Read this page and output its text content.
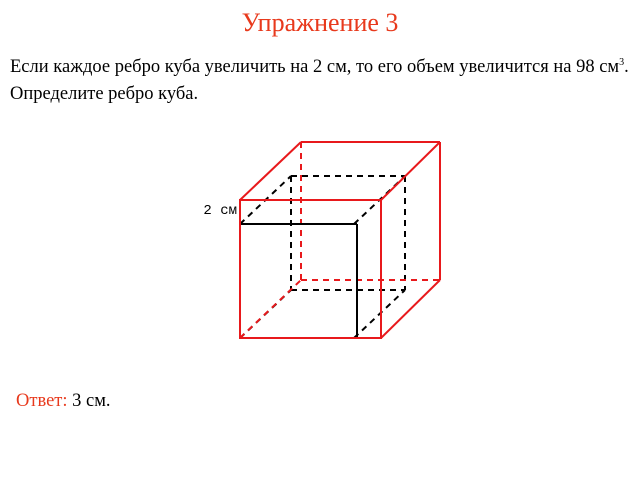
Упражнение 3

Если каждое ребро куба увеличить на 2 см, то его объем увеличится на 98 $см^3$. Определите ребро куба.

2 см
Ответ: 3 см.
